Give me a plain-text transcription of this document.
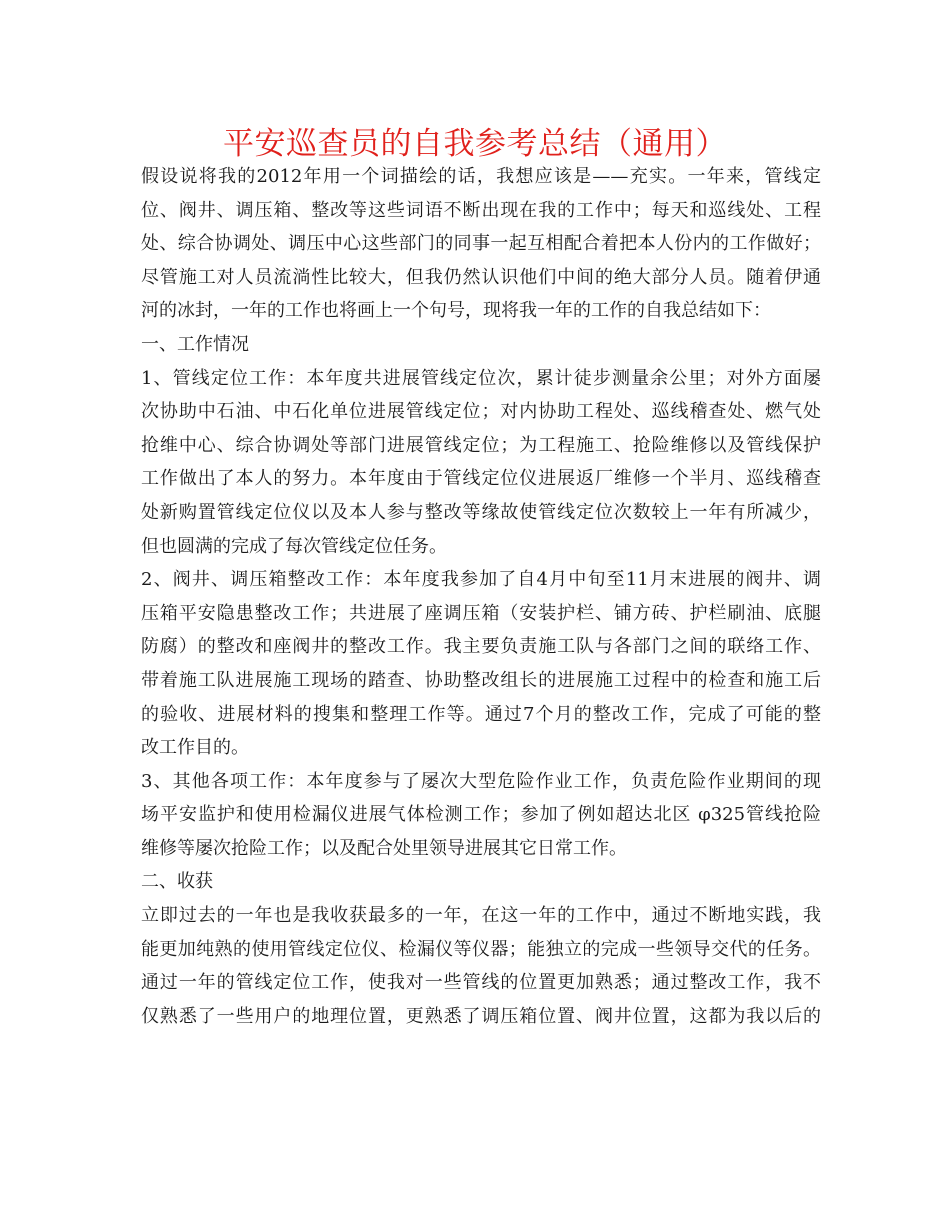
平安巡查员的自我参考总结（通用）
假设说将我的2012年用一个词描绘的话，我想应该是——充实。一年来，管线定
位、阀井、调压箱、整改等这些词语不断出现在我的工作中；每天和巡线处、工程
处、综合协调处、调压中心这些部门的同事一起互相配合着把本人份内的工作做好；
尽管施工对人员流淌性比较大，但我仍然认识他们中间的绝大部分人员。随着伊通
河的冰封，一年的工作也将画上一个句号，现将我一年的工作的自我总结如下：
一、工作情况
1、管线定位工作：本年度共进展管线定位次，累计徒步测量余公里；对外方面屡
次协助中石油、中石化单位进展管线定位；对内协助工程处、巡线稽查处、燃气处
抢维中心、综合协调处等部门进展管线定位；为工程施工、抢险维修以及管线保护
工作做出了本人的努力。本年度由于管线定位仪进展返厂维修一个半月、巡线稽查
处新购置管线定位仪以及本人参与整改等缘故使管线定位次数较上一年有所减少，
但也圆满的完成了每次管线定位任务。
2、阀井、调压箱整改工作：本年度我参加了自4月中旬至11月末进展的阀井、调
压箱平安隐患整改工作；共进展了座调压箱（安装护栏、铺方砖、护栏刷油、底腿
防腐）的整改和座阀井的整改工作。我主要负责施工队与各部门之间的联络工作、
带着施工队进展施工现场的踏查、协助整改组长的进展施工过程中的检查和施工后
的验收、进展材料的搜集和整理工作等。通过7个月的整改工作，完成了可能的整
改工作目的。
3、其他各项工作：本年度参与了屡次大型危险作业工作，负责危险作业期间的现
场平安监护和使用检漏仪进展气体检测工作；参加了例如超达北区 φ325管线抢险
维修等屡次抢险工作；以及配合处里领导进展其它日常工作。
二、收获
立即过去的一年也是我收获最多的一年，在这一年的工作中，通过不断地实践，我
能更加纯熟的使用管线定位仪、检漏仪等仪器；能独立的完成一些领导交代的任务。
通过一年的管线定位工作，使我对一些管线的位置更加熟悉；通过整改工作，我不
仅熟悉了一些用户的地理位置，更熟悉了调压箱位置、阀井位置，这都为我以后的
